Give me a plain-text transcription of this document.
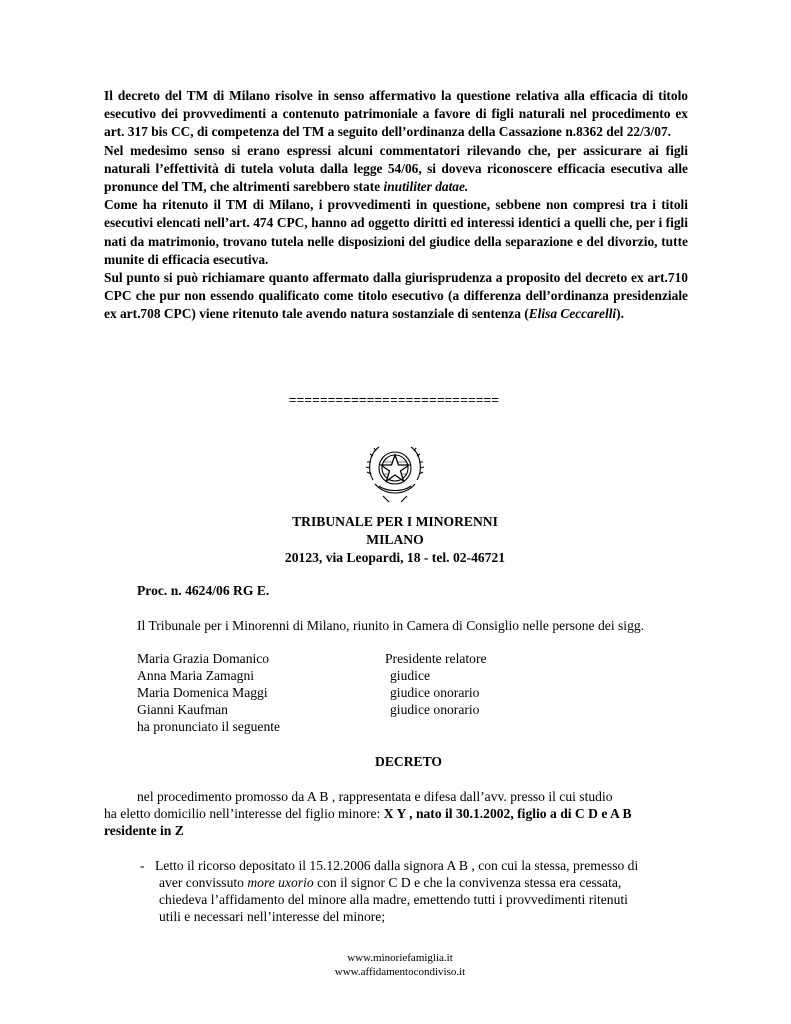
Il decreto del TM di Milano risolve in senso affermativo la questione relativa alla efficacia di titolo esecutivo dei provvedimenti a contenuto patrimoniale a favore di figli naturali nel procedimento ex art. 317 bis CC, di competenza del TM a seguito dell’ordinanza della Cassazione n.8362 del 22/3/07.
Nel medesimo senso si erano espressi alcuni commentatori rilevando che, per assicurare ai figli naturali l’effettività di tutela voluta dalla legge 54/06, si doveva riconoscere efficacia esecutiva alle pronunce del TM, che altrimenti sarebbero state inutiliter datae.
Come ha ritenuto il TM di Milano, i provvedimenti in questione, sebbene non compresi tra i titoli esecutivi elencati nell’art. 474 CPC, hanno ad oggetto diritti ed interessi identici a quelli che, per i figli nati da matrimonio, trovano tutela nelle disposizioni del giudice della separazione e del divorzio, tutte munite di efficacia esecutiva.
Sul punto si può richiamare quanto affermato dalla giurisprudenza a proposito del decreto ex art.710 CPC che pur non essendo qualificato come titolo esecutivo (a differenza dell’ordinanza presidenziale ex art.708 CPC) viene ritenuto tale avendo natura sostanziale di sentenza (Elisa Ceccarelli).
===========================
TRIBUNALE PER I MINORENNI
MILANO
20123, via Leopardi, 18 - tel. 02-46721
Proc. n. 4624/06 RG E.
Il Tribunale per i Minorenni di Milano, riunito in Camera di Consiglio nelle persone dei sigg.
Maria Grazia Domanico	Presidente relatore
Anna Maria Zamagni	giudice
Maria Domenica Maggi	giudice onorario
Gianni Kaufman	giudice onorario
ha pronunciato il seguente
DECRETO
nel procedimento promosso da A B , rappresentata e difesa dall’avv. presso il cui studio
ha eletto domicilio nell’interesse del figlio minore: X Y , nato il 30.1.2002, figlio a di C D e A B
residente in Z
- Letto il ricorso depositato il 15.12.2006 dalla signora A B , con cui la stessa, premesso di
aver convissuto more uxorio con il signor C D e che la convivenza stessa era cessata,
chiedeva l’affidamento del minore alla madre, emettendo tutti i provvedimenti ritenuti
utili e necessari nell’interesse del minore;
www.minoriefamiglia.it
www.affidamentocondiviso.it
